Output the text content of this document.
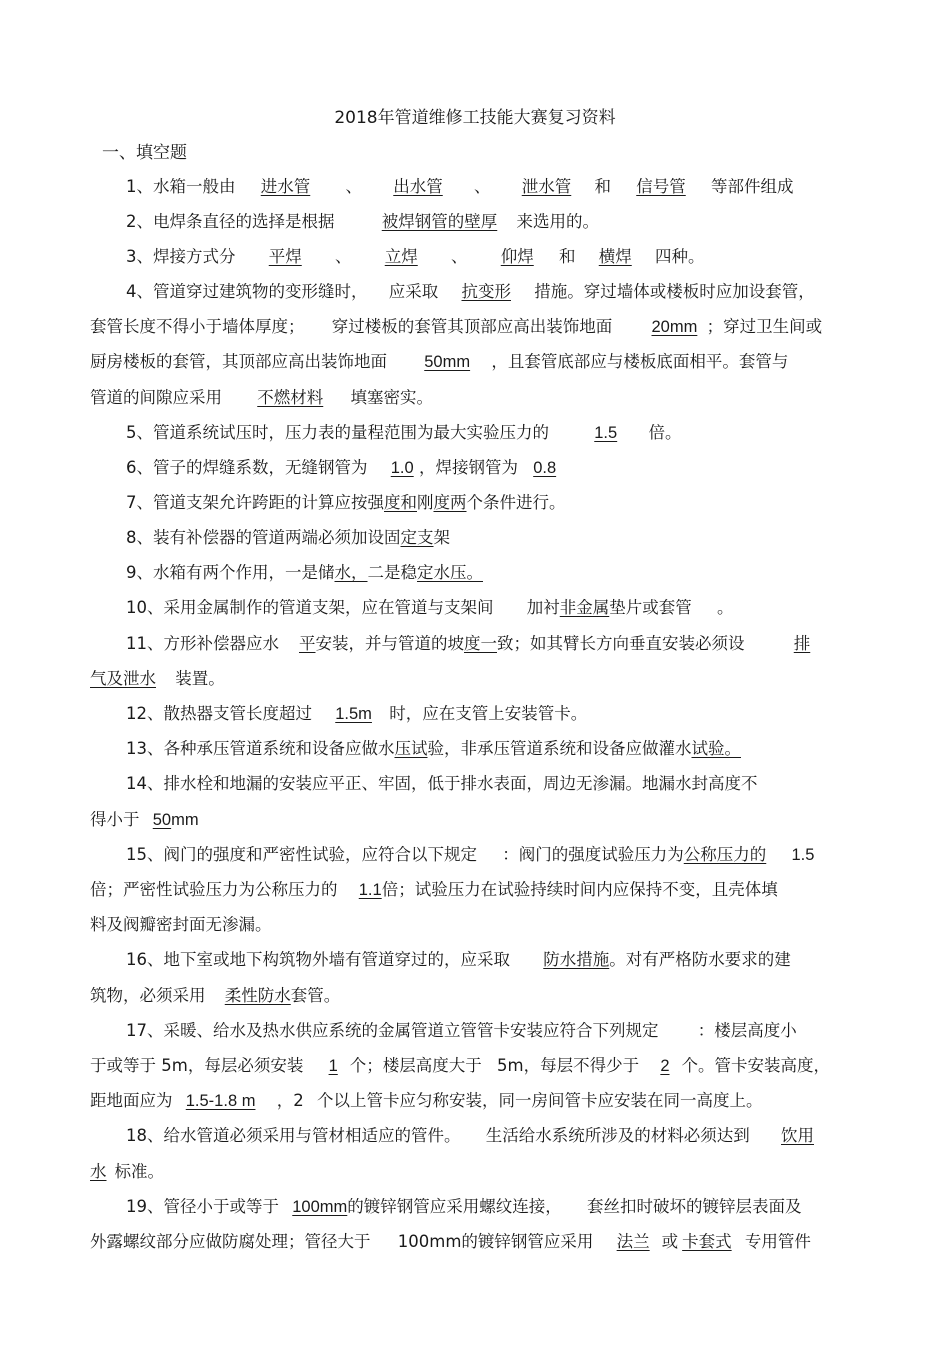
2018年管道维修工技能大赛复习资料
一、填空题
1、水箱一般由 进水管 、 出水管 、 泄水管 和 信号管 等部件组成
2、电焊条直径的选择是根据	被焊钢管的壁厚 来选用的。
3、焊接方式分 平焊 、 立焊 、 仰焊 和 横焊 四种。
4、管道穿过建筑物的变形缝时， 应采取 抗变形 措施。穿过墙体或楼板时应加设套管，
套管长度不得小于墙体厚度； 穿过楼板的套管其顶部应高出装饰地面 20mm ；穿过卫生间或
厨房楼板的套管，其顶部应高出装饰地面 50mm ，且套管底部应与楼板底面相平。套管与
管道的间隙应采用 不燃材料 填塞密实。
5、管道系统试压时，压力表的量程范围为最大实验压力的	1.5 倍。
6、管子的焊缝系数，无缝钢管为 1.0 ，焊接钢管为 0.8
7、管道支架允许跨距的计算应按强度和刚度两个条件进行。
8、装有补偿器的管道两端必须加设固定支架
9、水箱有两个作用，一是储水，二是稳定水压。
10、采用金属制作的管道支架，应在管道与支架间 加衬非金属垫片或套管 。
11、方形补偿器应水 平安装，并与管道的坡度一致；如其臂长方向垂直安装必须设	排
气及泄水 装置。
12、散热器支管长度超过 1.5m 时，应在支管上安装管卡。
13、各种承压管道系统和设备应做水压试验，非承压管道系统和设备应做灌水试验。
14、排水栓和地漏的安装应平正、牢固，低于排水表面，周边无渗漏。地漏水封高度不
得小于 50mm
15、阀门的强度和严密性试验，应符合以下规定 ：阀门的强度试验压力为公称压力的 1.5
倍；严密性试验压力为公称压力的 1.1倍；试验压力在试验持续时间内应保持不变，且壳体填
料及阀瓣密封面无渗漏。
16、地下室或地下构筑物外墙有管道穿过的，应采取 防水措施。对有严格防水要求的建
筑物，必须采用 柔性防水套管。
17、采暖、给水及热水供应系统的金属管道立管管卡安装应符合下列规定 ：楼层高度小
于或等于 5m，每层必须安装 1 个；楼层高度大于 5m，每层不得少于 2 个。管卡安装高度，
距地面应为 1.5-1.8 m ，2 个以上管卡应匀称安装，同一房间管卡应安装在同一高度上。
18、给水管道必须采用与管材相适应的管件。 生活给水系统所涉及的材料必须达到 饮用
水 标准。
19、管径小于或等于 100mm的镀锌钢管应采用螺纹连接， 套丝扣时破坏的镀锌层表面及
外露螺纹部分应做防腐处理；管径大于 100mm的镀锌钢管应采用 法兰 或 卡套式 专用管件
